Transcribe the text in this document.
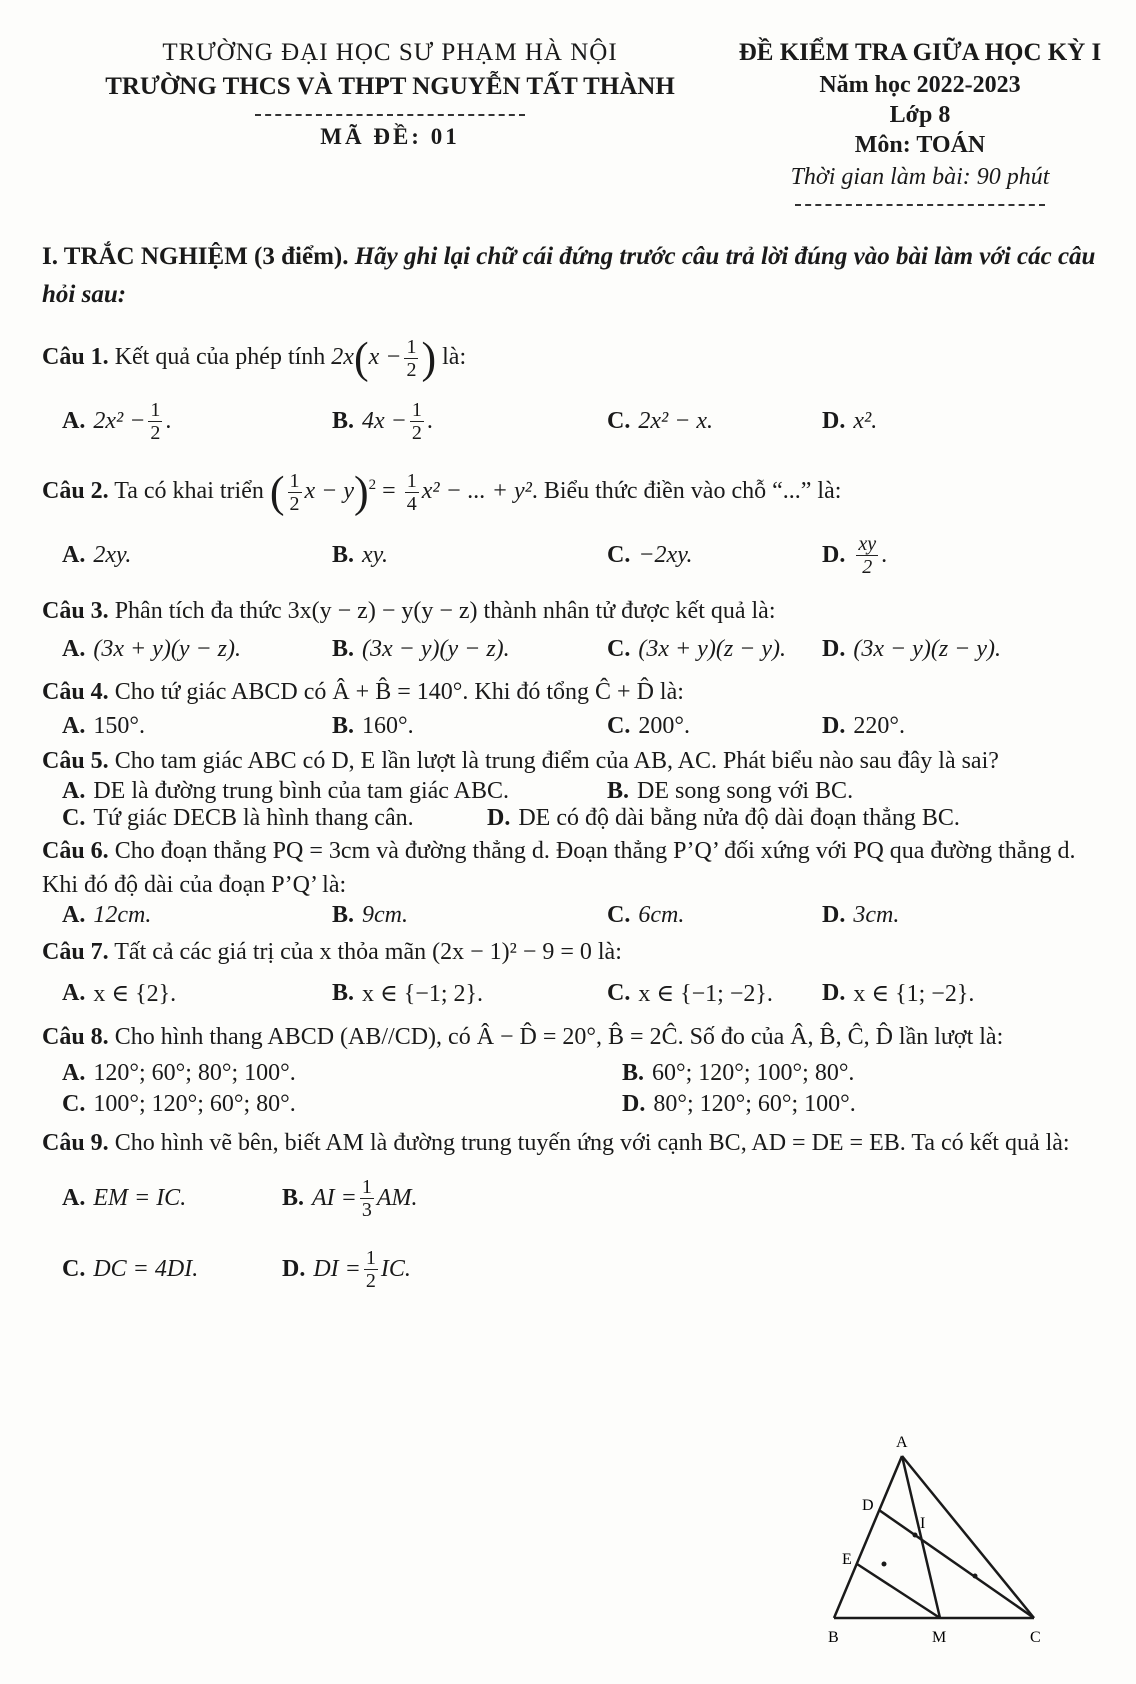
TRƯỜNG ĐẠI HỌC SƯ PHẠM HÀ NỘI
TRƯỜNG THCS VÀ THPT NGUYỄN TẤT THÀNH
MÃ ĐỀ: 01
ĐỀ KIỂM TRA GIỮA HỌC KỲ I
Năm học 2022-2023
Lớp 8
Môn: TOÁN
Thời gian làm bài: 90 phút

I. TRẮC NGHIỆM (3 điểm). Hãy ghi lại chữ cái đứng trước câu trả lời đúng vào bài làm với các câu hỏi sau:

Câu 1. Kết quả của phép tính $2x(x - \frac{1}{2}$ ) là:

A. $2x^2 - \frac{1}{2}$ .	B. $4x - \frac{1}{2}$ .	C. 2x² − x.	D. x².

Câu 2. Ta có khai triển ( $\frac{1}{2}$ $x - y)^2 = \frac{1}{4} x^2$ − ... + y². Biểu thức điền vào chỗ “...” là:

A. 2xy.	B. xy.	C. −2xy.	D. $\frac{xy}{2}$ .

Câu 3. Phân tích đa thức 3x(y − z) − y(y − z) thành nhân tử được kết quả là:

A. (3x + y)(y − z).	B. (3x − y)(y − z).	C. (3x + y)(z − y). D. (3x − y)(z − y).

Câu 4. Cho tứ giác ABCD có Â + B̂ = 140°. Khi đó tổng Ĉ + D̂ là:

A. 150°.	B. 160°.	C. 200°.	D. 220°.

Câu 5. Cho tam giác ABC có D, E lần lượt là trung điểm của AB, AC. Phát biểu nào sau đây là sai?

A. DE là đường trung bình của tam giác ABC.	B. DE song song với BC.
C. Tứ giác DECB là hình thang cân.	D. DE có độ dài bằng nửa độ dài đoạn thẳng BC.

Câu 6. Cho đoạn thẳng PQ = 3cm và đường thẳng d. Đoạn thẳng P’Q’ đối xứng với PQ qua đường thẳng d. Khi đó độ dài của đoạn P’Q’ là:

A. 12cm.	B. 9cm.	C. 6cm.	D. 3cm.

Câu 7. Tất cả các giá trị của x thỏa mãn (2x − 1)² − 9 = 0 là:

A. x ∈ {2}.	B. x ∈ {−1; 2}.	C. x ∈ {−1; −2}. D. x ∈ {1; −2}.

Câu 8. Cho hình thang ABCD (AB//CD), có Â − D̂ = 20°, B̂ = 2Ĉ. Số đo của Â, B̂, Ĉ, D̂ lần lượt là:

A. 120°; 60°; 80°; 100°.	B. 60°; 120°; 100°; 80°.
C. 100°; 120°; 60°; 80°.	D. 80°; 120°; 60°; 100°.

Câu 9. Cho hình vẽ bên, biết AM là đường trung tuyến ứng với cạnh BC, AD = DE = EB. Ta có kết quả là:

A. EM = IC.	B. AI = $\frac{1}{3}$ AM.
C. DC = 4DI.	D. DI = $\frac{1}{2}$ IC.
A
D
E
I
B	M	C
